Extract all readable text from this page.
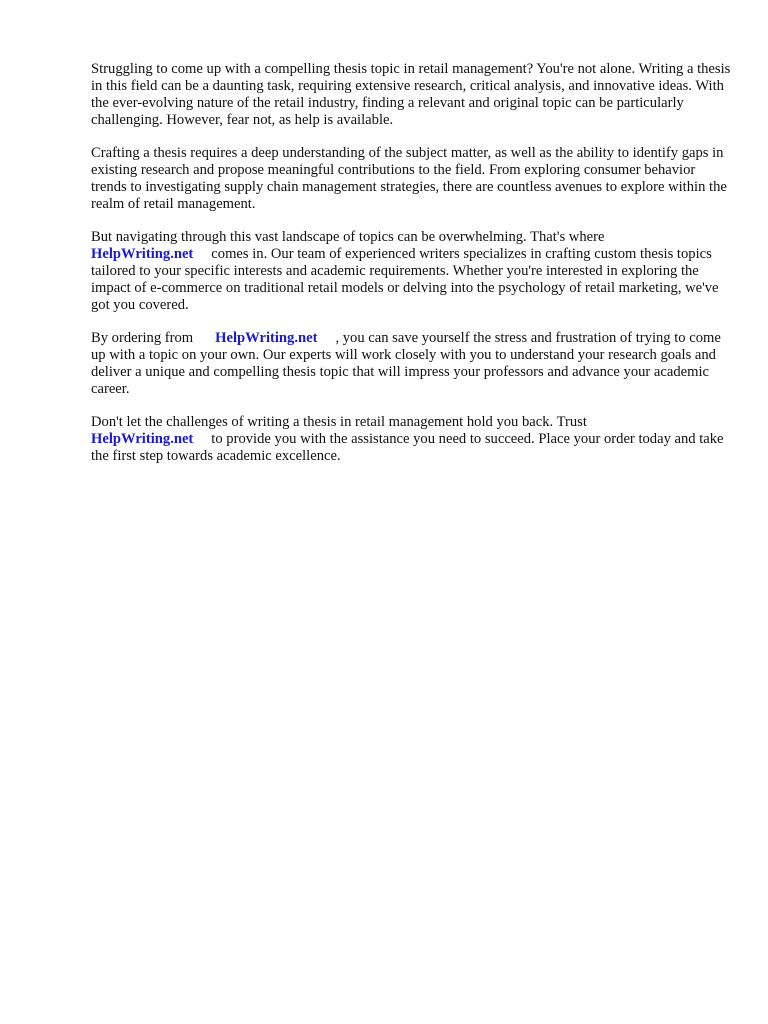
Struggling to come up with a compelling thesis topic in retail management? You're not alone. Writing a thesis in this field can be a daunting task, requiring extensive research, critical analysis, and innovative ideas. With the ever-evolving nature of the retail industry, finding a relevant and original topic can be particularly challenging. However, fear not, as help is available.

Crafting a thesis requires a deep understanding of the subject matter, as well as the ability to identify gaps in existing research and propose meaningful contributions to the field. From exploring consumer behavior trends to investigating supply chain management strategies, there are countless avenues to explore within the realm of retail management.

But navigating through this vast landscape of topics can be overwhelming. That's where
HelpWriting.net comes in. Our team of experienced writers specializes in crafting custom thesis topics tailored to your specific interests and academic requirements. Whether you're interested in exploring the impact of e-commerce on traditional retail models or delving into the psychology of retail marketing, we've got you covered.

By ordering from HelpWriting.net , you can save yourself the stress and frustration of trying to come up with a topic on your own. Our experts will work closely with you to understand your research goals and deliver a unique and compelling thesis topic that will impress your professors and advance your academic career.

Don't let the challenges of writing a thesis in retail management hold you back. Trust
HelpWriting.net to provide you with the assistance you need to succeed. Place your order today and take the first step towards academic excellence.
